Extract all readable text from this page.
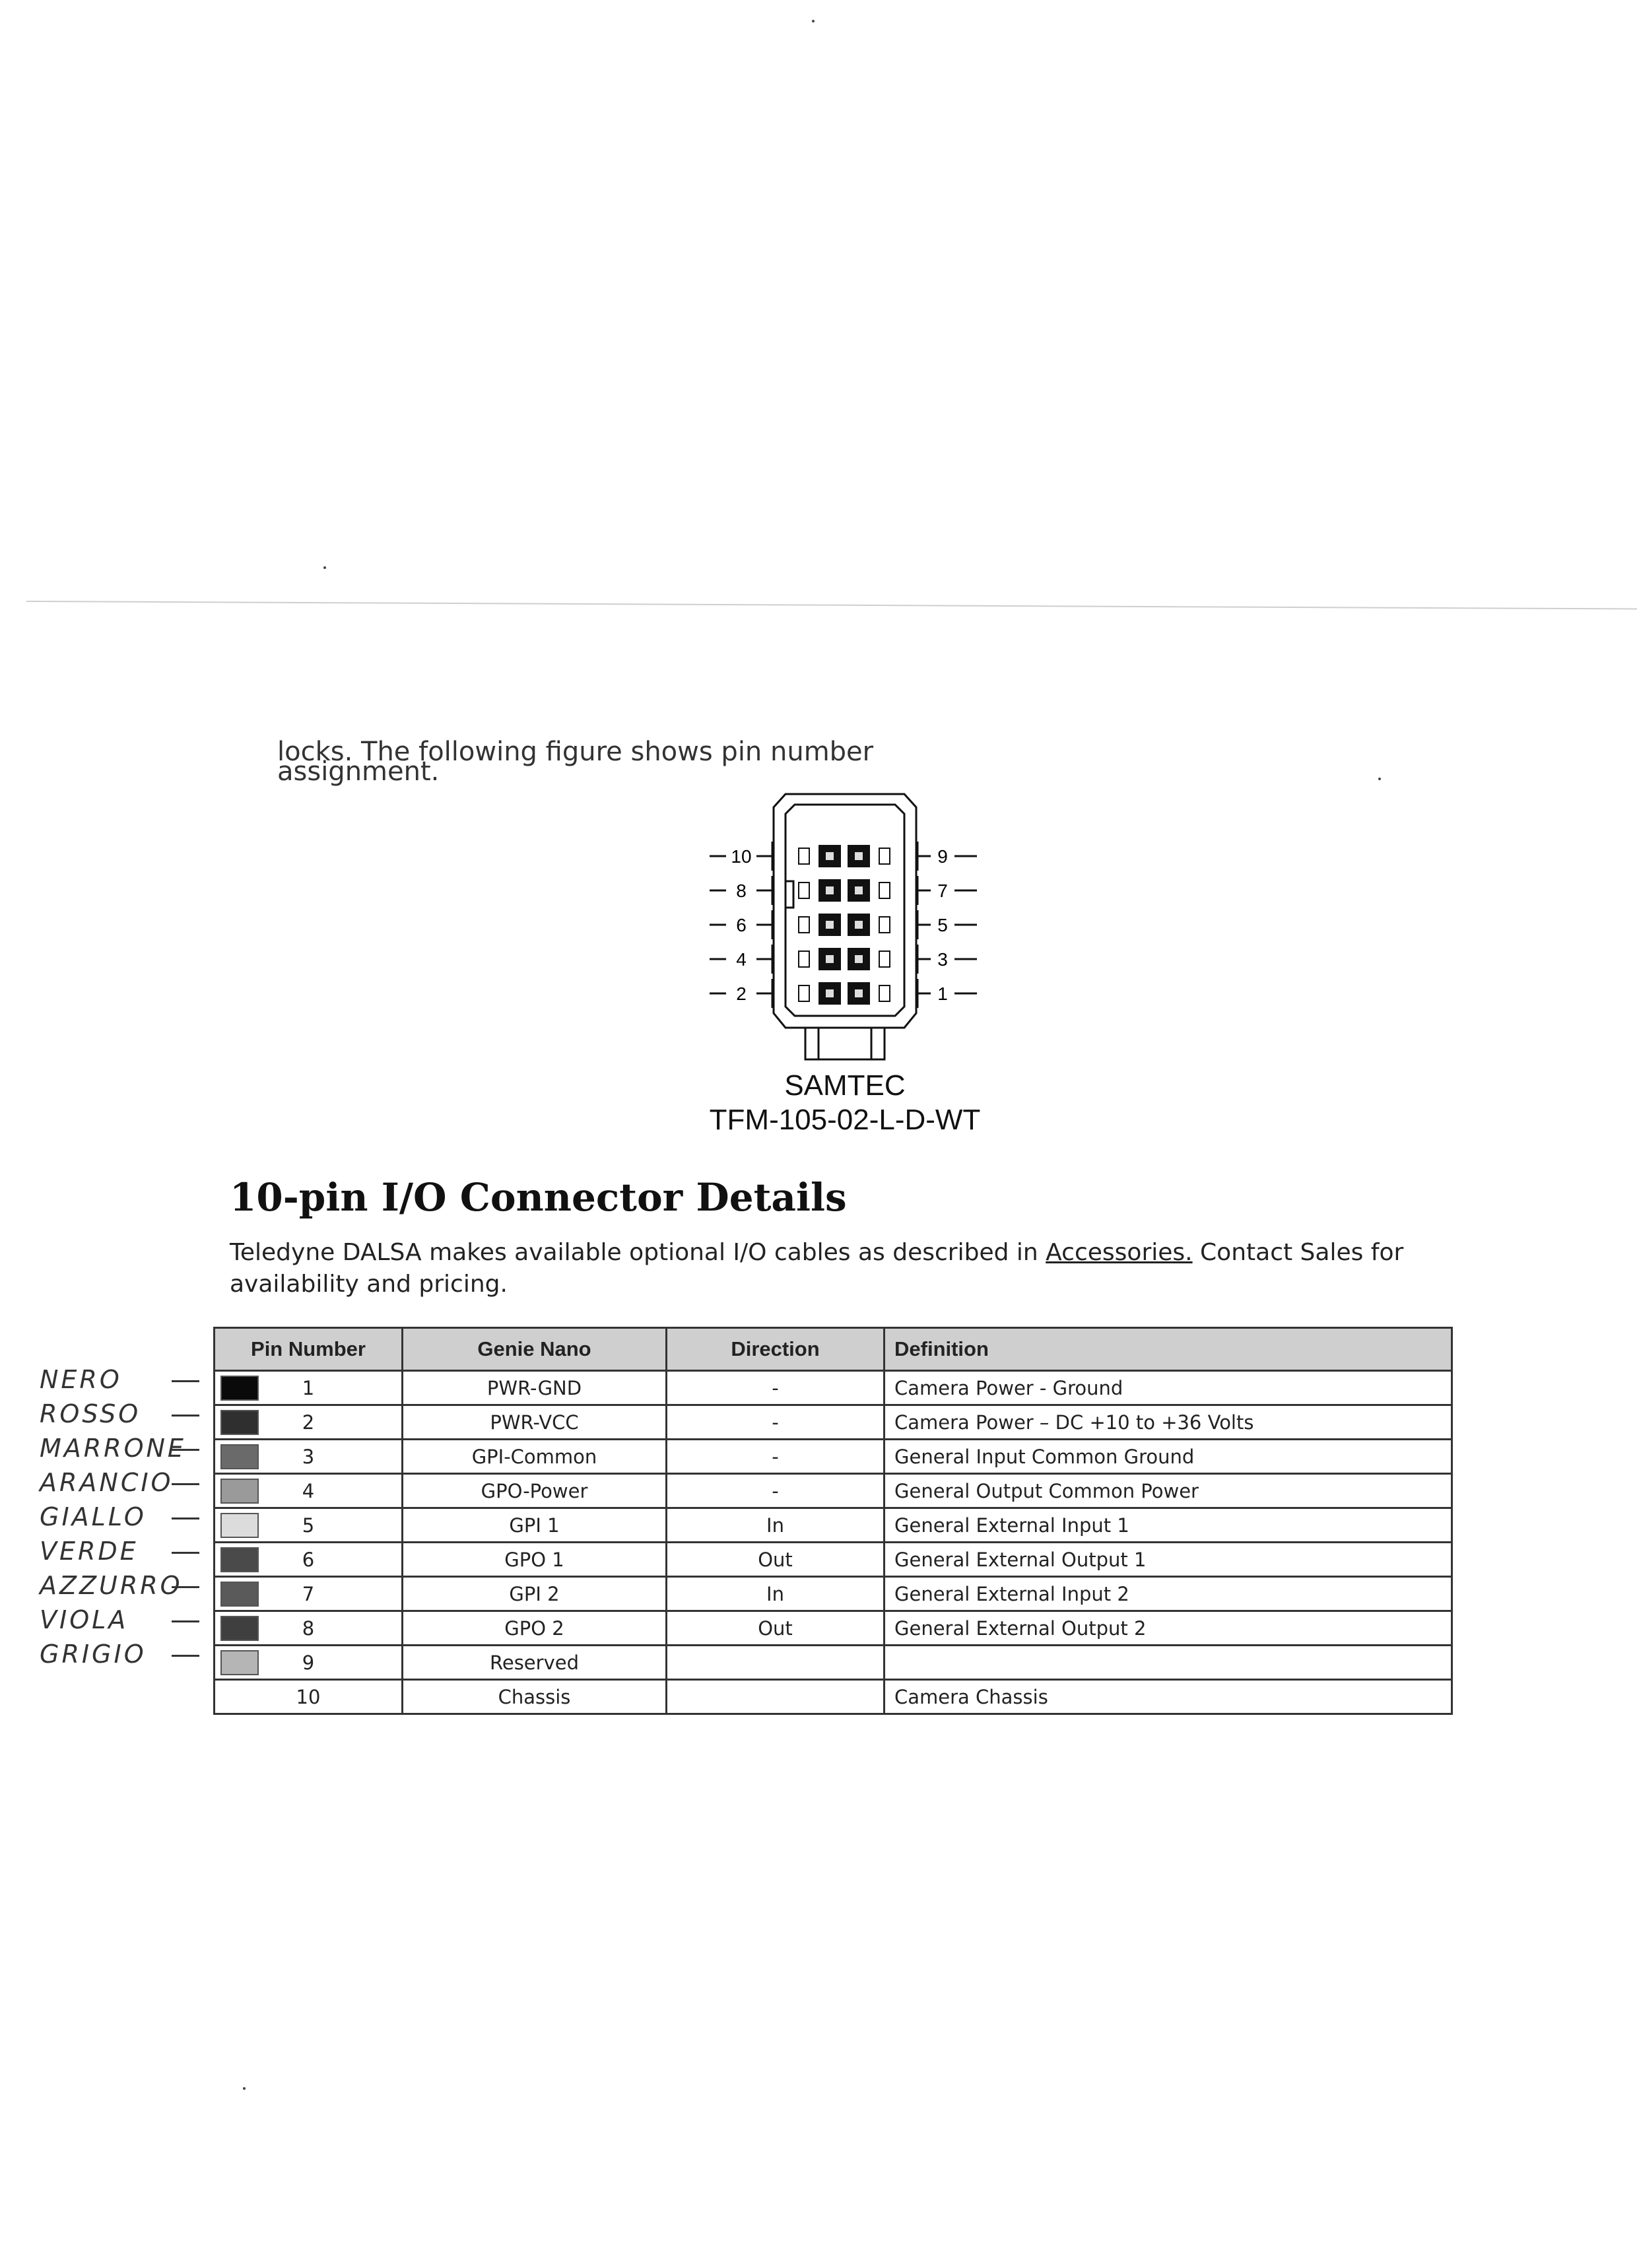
locks. The following figure shows pin number assignment.
10	9
8	7
6	5
4	3
2	1
SAMTEC
TFM-105-02-L-D-WT
10-pin I/O Connector Details

Teledyne DALSA makes available optional I/O cables as described in Accessories. Contact Sales for availability and pricing.

Pin Number	Genie Nano	Direction	Definition

1	PWR-GND	-	Camera Power - Ground

2	PWR-VCC	-	Camera Power – DC +10 to +36 Volts

3	GPI-Common	-	General Input Common Ground

4	GPO-Power	-	General Output Common Power

5	GPI 1	In	General External Input 1

6	GPO 1	Out	General External Output 1

7	GPI 2	In	General External Input 2

8	GPO 2	Out	General External Output 2

9	Reserved		
10	Chassis		Camera Chassis
NERO
ROSSO
MARRONE
ARANCIO
GIALLO
VERDE
AZZURRO
VIOLA
GRIGIO
